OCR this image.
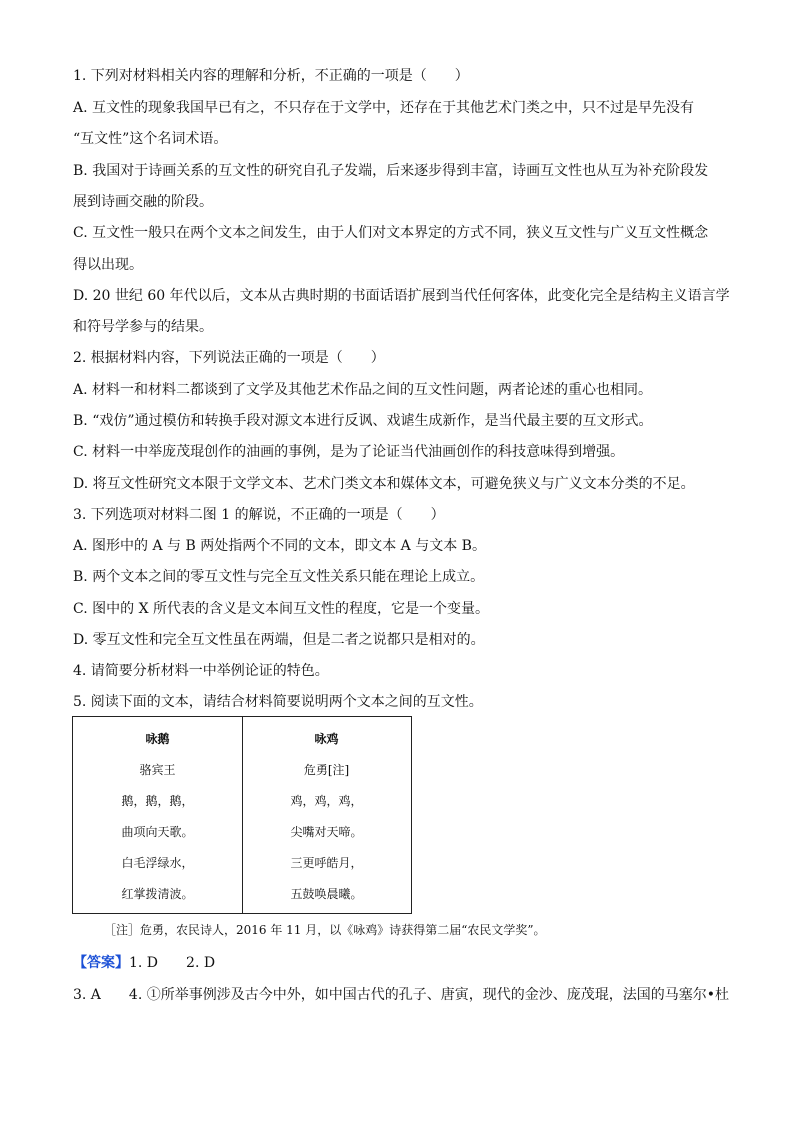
1. 下列对材料相关内容的理解和分析，不正确的一项是（　　）
A. 互文性的现象我国早已有之，不只存在于文学中，还存在于其他艺术门类之中，只不过是早先没有
“互文性”这个名词术语。
B. 我国对于诗画关系的互文性的研究自孔子发端，后来逐步得到丰富，诗画互文性也从互为补充阶段发
展到诗画交融的阶段。
C. 互文性一般只在两个文本之间发生，由于人们对文本界定的方式不同，狭义互文性与广义互文性概念
得以出现。
D. 20 世纪 60 年代以后，文本从古典时期的书面话语扩展到当代任何客体，此变化完全是结构主义语言学
和符号学参与的结果。
2. 根据材料内容，下列说法正确的一项是（　　）
A. 材料一和材料二都谈到了文学及其他艺术作品之间的互文性问题，两者论述的重心也相同。
B. “戏仿”通过模仿和转换手段对源文本进行反讽、戏谑生成新作，是当代最主要的互文形式。
C. 材料一中举庞茂琨创作的油画的事例，是为了论证当代油画创作的科技意味得到增强。
D. 将互文性研究文本限于文学文本、艺术门类文本和媒体文本，可避免狭义与广义文本分类的不足。
3. 下列选项对材料二图 1 的解说，不正确的一项是（　　）
A. 图形中的 A 与 B 两处指两个不同的文本，即文本 A 与文本 B。
B. 两个文本之间的零互文性与完全互文性关系只能在理论上成立。
C. 图中的 X 所代表的含义是文本间互文性的程度，它是一个变量。
D. 零互文性和完全互文性虽在两端，但是二者之说都只是相对的。
4. 请简要分析材料一中举例论证的特色。
5. 阅读下面的文本，请结合材料简要说明两个文本之间的互文性。
咏鹅
骆宾王
鹅，鹅，鹅，
曲项向天歌。
白毛浮绿水，
红掌拨清波。
咏鸡
危勇[注]
鸡，鸡，鸡，
尖嘴对天啼。
三更呼皓月，
五鼓唤晨曦。
［注］危勇，农民诗人，2016 年 11 月，以《咏鸡》诗获得第二届“农民文学奖”。
【答案】1. D　　2. D
3. A　　4. ①所举事例涉及古今中外，如中国古代的孔子、唐寅，现代的金沙、庞茂琨，法国的马塞尔•杜
